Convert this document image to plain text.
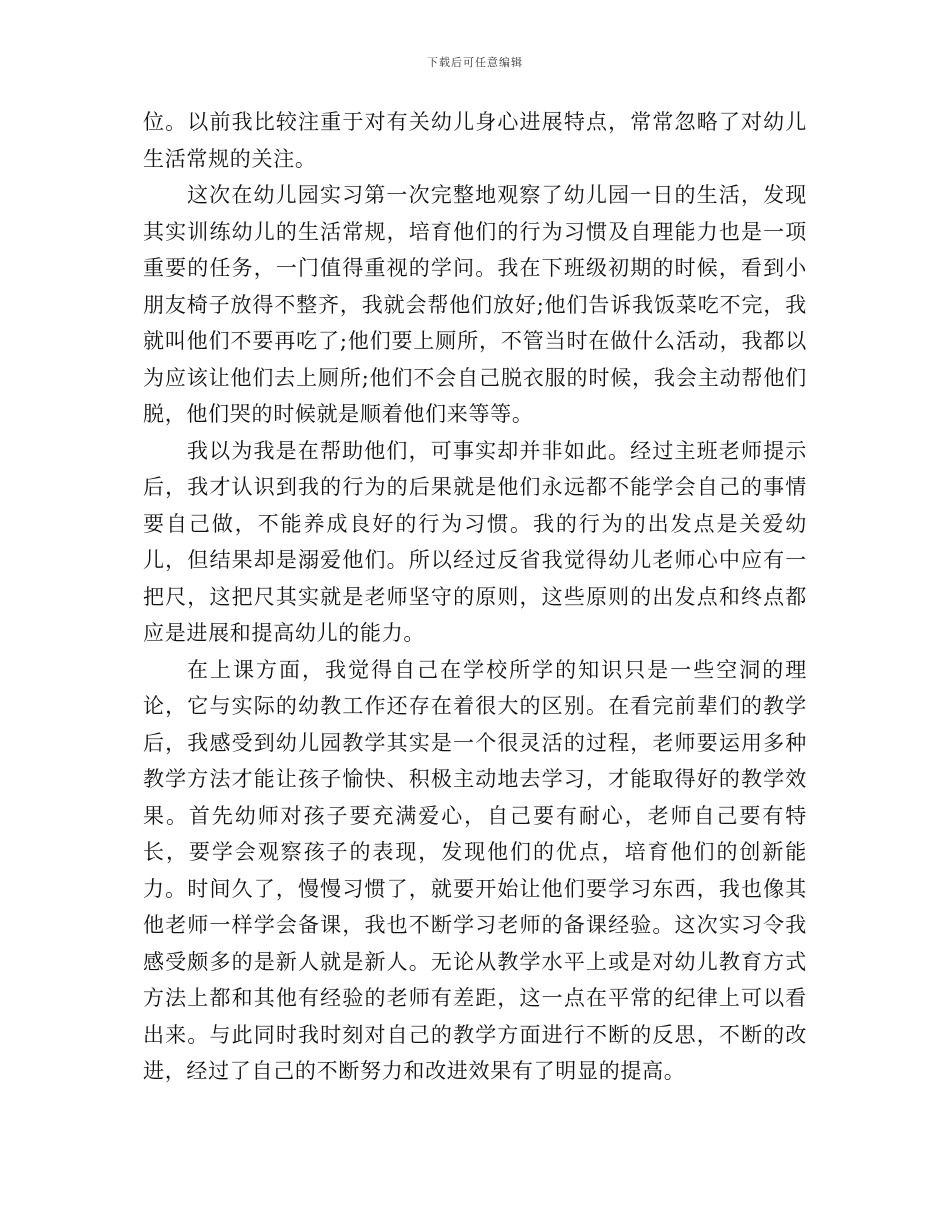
下载后可任意编辑

位。以前我比较注重于对有关幼儿身心进展特点，常常忽略了对幼儿生活常规的关注。

这次在幼儿园实习第一次完整地观察了幼儿园一日的生活，发现其实训练幼儿的生活常规，培育他们的行为习惯及自理能力也是一项重要的任务，一门值得重视的学问。我在下班级初期的时候，看到小朋友椅子放得不整齐，我就会帮他们放好;他们告诉我饭菜吃不完，我就叫他们不要再吃了;他们要上厕所，不管当时在做什么活动，我都以为应该让他们去上厕所;他们不会自己脱衣服的时候，我会主动帮他们脱，他们哭的时候就是顺着他们来等等。

我以为我是在帮助他们，可事实却并非如此。经过主班老师提示后，我才认识到我的行为的后果就是他们永远都不能学会自己的事情要自己做，不能养成良好的行为习惯。我的行为的出发点是关爱幼儿，但结果却是溺爱他们。所以经过反省我觉得幼儿老师心中应有一把尺，这把尺其实就是老师坚守的原则，这些原则的出发点和终点都应是进展和提高幼儿的能力。

在上课方面，我觉得自己在学校所学的知识只是一些空洞的理论，它与实际的幼教工作还存在着很大的区别。在看完前辈们的教学后，我感受到幼儿园教学其实是一个很灵活的过程，老师要运用多种教学方法才能让孩子愉快、积极主动地去学习，才能取得好的教学效果。首先幼师对孩子要充满爱心，自己要有耐心，老师自己要有特长，要学会观察孩子的表现，发现他们的优点，培育他们的创新能力。时间久了，慢慢习惯了，就要开始让他们要学习东西，我也像其他老师一样学会备课，我也不断学习老师的备课经验。这次实习令我感受颇多的是新人就是新人。无论从教学水平上或是对幼儿教育方式方法上都和其他有经验的老师有差距，这一点在平常的纪律上可以看出来。与此同时我时刻对自己的教学方面进行不断的反思，不断的改进，经过了自己的不断努力和改进效果有了明显的提高。
